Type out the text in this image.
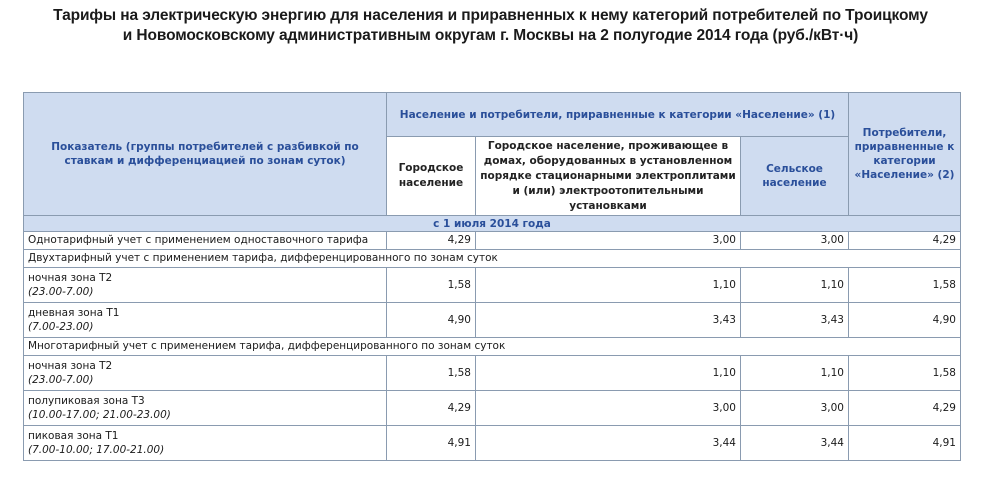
Тарифы на электрическую энергию для населения и приравненных к нему категорий потребителей по Троицкому
и Новомосковскому административным округам г. Москвы на 2 полугодие 2014 года (руб./кВт·ч)
Показатель (группы потребителей с разбивкой по ставкам и дифференциацией по зонам суток)	Население и потребители, приравненные к категории «Население» (1)			Потребители, приравненные к категории «Население» (2)
	Городское население	Городское население, проживающее в домах, оборудованных в установленном порядке стационарными электроплитами и (или) электроотопительными установками	Сельское население	
с 1 июля 2014 года				
Однотарифный учет с применением одноставочного тарифа	4,29	3,00	3,00	4,29
Двухтарифный учет с применением тарифа, дифференцированного по зонам суток				

ночная зона Т2
(23.00-7.00)	1,58	1,10	1,10	1,58

дневная зона Т1
(7.00-23.00)	4,90	3,43	3,43	4,90
Многотарифный учет с применением тарифа, дифференцированного по зонам суток				

ночная зона Т2
(23.00-7.00)	1,58	1,10	1,10	1,58

полупиковая зона Т3
(10.00-17.00; 21.00-23.00)	4,29	3,00	3,00	4,29

пиковая зона Т1
(7.00-10.00; 17.00-21.00)	4,91	3,44	3,44	4,91
